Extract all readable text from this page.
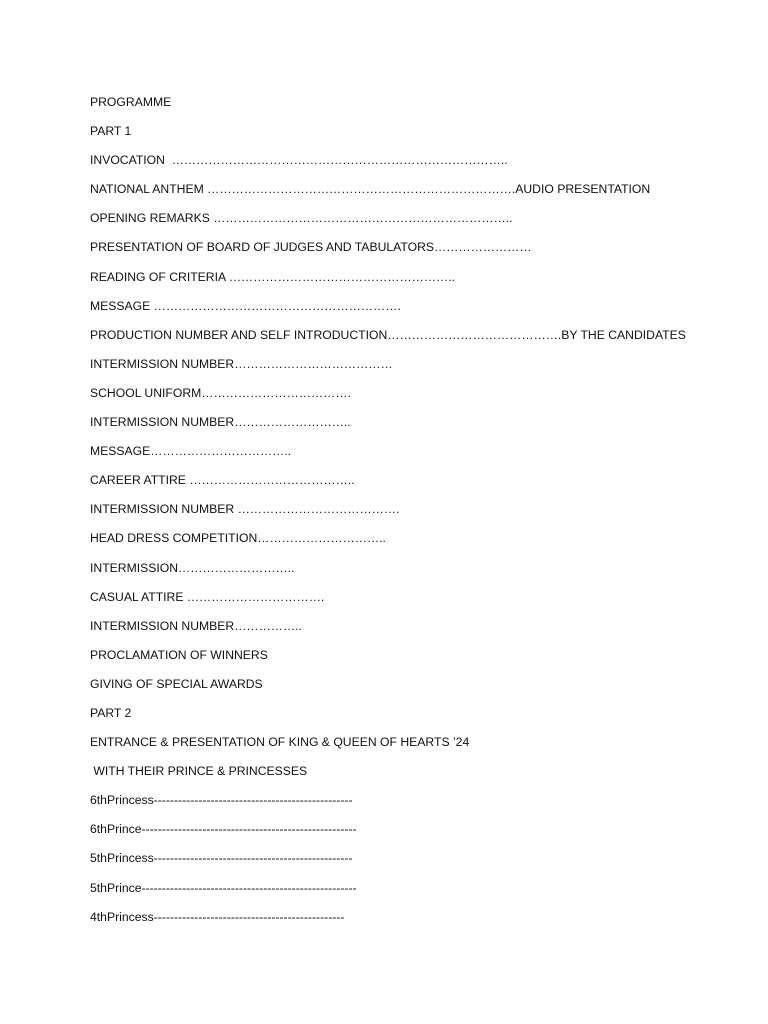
PROGRAMME
PART 1
INVOCATION  ………………………………………………………………………..
NATIONAL ANTHEM ………………………………………………………………….AUDIO PRESENTATION
OPENING REMARKS ………………………………………………………………..
PRESENTATION OF BOARD OF JUDGES AND TABULATORS……………………
READING OF CRITERIA ………………………………………………..
MESSAGE …………………………………………………….
PRODUCTION NUMBER AND SELF INTRODUCTION…………………………………….BY THE CANDIDATES
INTERMISSION NUMBER…………………………………
SCHOOL UNIFORM……………………………….
INTERMISSION NUMBER………………………..
MESSAGE……………………………..
CAREER ATTIRE …………………………………..
INTERMISSION NUMBER ………………………………….
HEAD DRESS COMPETITION…………………………..
INTERMISSION………………………..
CASUAL ATTIRE …………………………….
INTERMISSION NUMBER……………..
PROCLAMATION OF WINNERS
GIVING OF SPECIAL AWARDS
PART 2
ENTRANCE & PRESENTATION OF KING & QUEEN OF HEARTS ’24
WITH THEIR PRINCE & PRINCESSES
6thPrincess-------------------------------------------------
6thPrince-----------------------------------------------------
5thPrincess-------------------------------------------------
5thPrince-----------------------------------------------------
4thPrincess-----------------------------------------------
